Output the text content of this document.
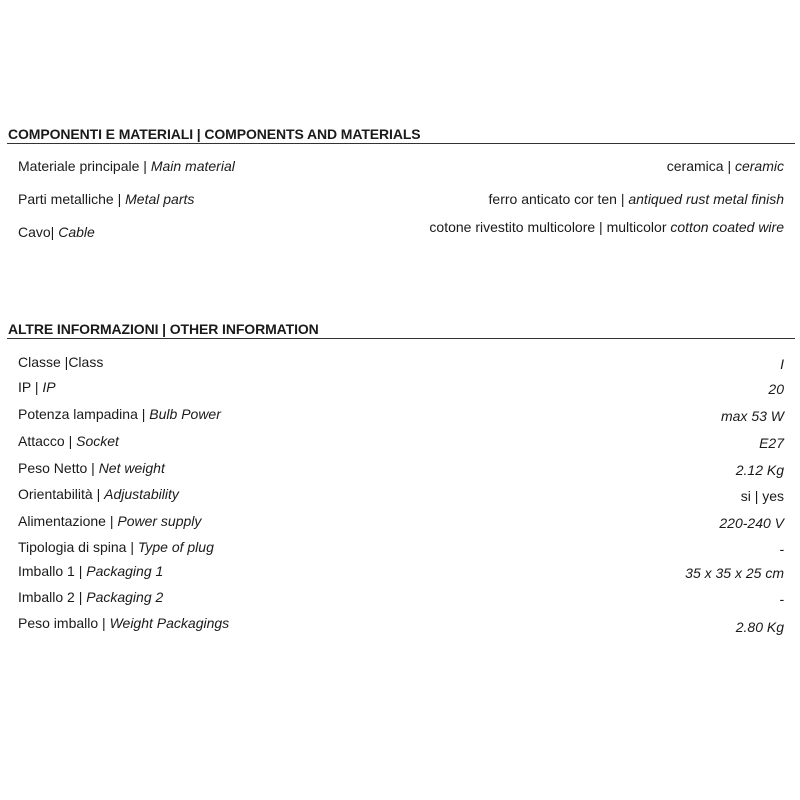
COMPONENTI E MATERIALI | COMPONENTS AND MATERIALS
Materiale principale | Main material	ceramica | ceramic
Parti metalliche | Metal parts	ferro anticato cor ten | antiqued rust metal finish
Cavo| Cable	cotone rivestito multicolore | multicolor cotton coated wire
ALTRE INFORMAZIONI | OTHER INFORMATION
Classe |Class	I
IP | IP	20
Potenza lampadina | Bulb Power	max 53 W
Attacco | Socket	E27
Peso Netto | Net weight	2.12 Kg
Orientabilità | Adjustability	si | yes
Alimentazione | Power supply	220-240 V
Tipologia di spina | Type of plug	-
Imballo 1 | Packaging 1	35 x 35 x 25 cm
Imballo 2 | Packaging 2	-
Peso imballo | Weight Packagings	2.80 Kg
